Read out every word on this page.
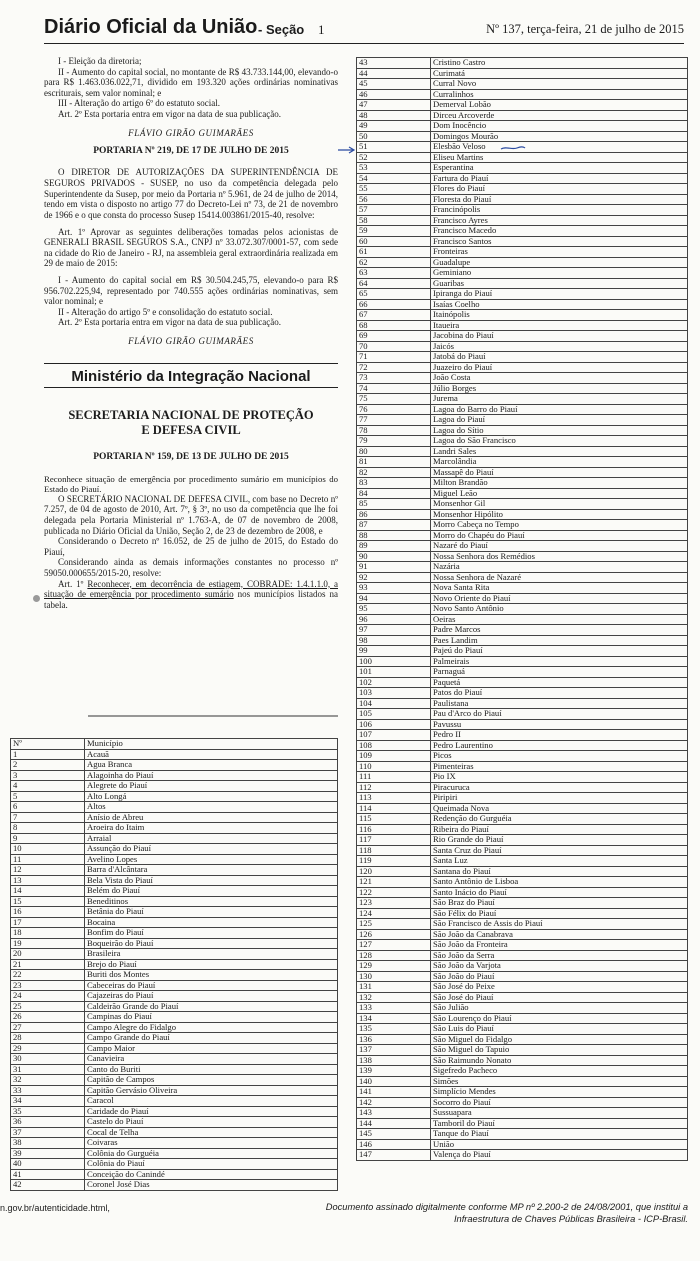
Diário Oficial da União - Seção 1	Nº 137, terça-feira, 21 de julho de 2015

I - Eleição da diretoria;

II - Aumento do capital social, no montante de R$ 43.733.144,00, elevando-o para R$ 1.463.036.022,71, dividido em 193.320 ações ordinárias nominativas escriturais, sem valor nominal; e

III - Alteração do artigo 6º do estatuto social.

Art. 2º Esta portaria entra em vigor na data de sua publicação.

FLÁVIO GIRÃO GUIMARÃES

PORTARIA Nº 219, DE 17 DE JULHO DE 2015

O DIRETOR DE AUTORIZAÇÕES DA SUPERINTENDÊNCIA DE SEGUROS PRIVADOS - SUSEP, no uso da competência delegada pelo Superintendente da Susep, por meio da Portaria nº 5.961, de 24 de julho de 2014, tendo em vista o disposto no artigo 77 do Decreto-Lei nº 73, de 21 de novembro de 1966 e o que consta do processo Susep 15414.003861/2015-40, resolve:

Art. 1º Aprovar as seguintes deliberações tomadas pelos acionistas de GENERALI BRASIL SEGUROS S.A., CNPJ nº 33.072.307/0001-57, com sede na cidade do Rio de Janeiro - RJ, na assembleia geral extraordinária realizada em 29 de maio de 2015:

I - Aumento do capital social em R$ 30.504.245,75, elevando-o para R$ 956.702.225,94, representado por 740.555 ações ordinárias nominativas, sem valor nominal; e

II - Alteração do artigo 5º e consolidação do estatuto social.

Art. 2º Esta portaria entra em vigor na data de sua publicação.

FLÁVIO GIRÃO GUIMARÃES

Ministério da Integração Nacional
SECRETARIA NACIONAL DE PROTEÇÃO
E DEFESA CIVIL

PORTARIA Nº 159, DE 13 DE JULHO DE 2015

Reconhece situação de emergência por procedimento sumário em municípios do Estado do Piauí.

O SECRETÁRIO NACIONAL DE DEFESA CIVIL, com base no Decreto nº 7.257, de 04 de agosto de 2010, Art. 7º, § 3º, no uso da competência que lhe foi delegada pela Portaria Ministerial nº 1.763-A, de 07 de novembro de 2008, publicada no Diário Oficial da União, Seção 2, de 23 de dezembro de 2008, e

Considerando o Decreto nº 16.052, de 25 de julho de 2015, do Estado do Piauí,

Considerando ainda as demais informações constantes no processo nº 59050.000655/2015-20, resolve:

Art. 1º Reconhecer, em decorrência de estiagem, COBRADE: 1.4.1.1.0, a situação de emergência por procedimento sumário nos municípios listados na tabela.

Nº	Município
1	Acauã
2	Agua Branca
3	Alagoinha do Piauí
4	Alegrete do Piauí
5	Alto Longá
6	Altos
7	Anísio de Abreu
8	Aroeira do Itaim
9	Arraial
10	Assunção do Piauí
11	Avelino Lopes
12	Barra d'Alcântara
13	Bela Vista do Piauí
14	Belém do Piauí
15	Beneditinos
16	Betânia do Piauí
17	Bocaina
18	Bonfim do Piauí
19	Boqueirão do Piauí
20	Brasileira
21	Brejo do Piauí
22	Buriti dos Montes
23	Cabeceiras do Piauí
24	Cajazeiras do Piauí
25	Caldeirão Grande do Piauí
26	Campinas do Piauí
27	Campo Alegre do Fidalgo
28	Campo Grande do Piauí
29	Campo Maior
30	Canavieira
31	Canto do Buriti
32	Capitão de Campos
33	Capitão Gervásio Oliveira
34	Caracol
35	Caridade do Piauí
36	Castelo do Piauí
37	Cocal de Telha
38	Coivaras
39	Colônia do Gurguéia
40	Colônia do Piauí
41	Conceição do Canindé
42	Coronel José Dias
43	Cristino Castro
44	Curimatá
45	Curral Novo
46	Curralinhos
47	Demerval Lobão
48	Dirceu Arcoverde
49	Dom Inocêncio
50	Domingos Mourão
51	Elesbão Veloso
52	Eliseu Martins
53	Esperantina
54	Fartura do Piauí
55	Flores do Piauí
56	Floresta do Piauí
57	Francinópolis
58	Francisco Ayres
59	Francisco Macedo
60	Francisco Santos
61	Fronteiras
62	Guadalupe
63	Geminiano
64	Guaribas
65	Ipiranga do Piauí
66	Isaías Coelho
67	Itainópolis
68	Itaueira
69	Jacobina do Piauí
70	Jaicós
71	Jatobá do Piauí
72	Juazeiro do Piauí
73	João Costa
74	Júlio Borges
75	Jurema
76	Lagoa do Barro do Piauí
77	Lagoa do Piauí
78	Lagoa do Sítio
79	Lagoa do São Francisco
80	Landri Sales
81	Marcolândia
82	Massapê do Piauí
83	Milton Brandão
84	Miguel Leão
85	Monsenhor Gil
86	Monsenhor Hipólito
87	Morro Cabeça no Tempo
88	Morro do Chapéu do Piauí
89	Nazaré do Piauí
90	Nossa Senhora dos Remédios
91	Nazária
92	Nossa Senhora de Nazaré
93	Nova Santa Rita
94	Novo Oriente do Piauí
95	Novo Santo Antônio
96	Oeiras
97	Padre Marcos
98	Paes Landim
99	Pajeú do Piauí
100	Palmeirais
101	Parnaguá
102	Paquetá
103	Patos do Piauí
104	Paulistana
105	Pau d'Arco do Piauí
106	Pavussu
107	Pedro II
108	Pedro Laurentino
109	Picos
110	Pimenteiras
111	Pio IX
112	Piracuruca
113	Piripiri
114	Queimada Nova
115	Redenção do Gurguéia
116	Ribeira do Piauí
117	Rio Grande do Piauí
118	Santa Cruz do Piauí
119	Santa Luz
120	Santana do Piauí
121	Santo Antônio de Lisboa
122	Santo Inácio do Piauí
123	São Braz do Piauí
124	São Félix do Piauí
125	São Francisco de Assis do Piauí
126	São João da Canabrava
127	São João da Fronteira
128	São João da Serra
129	São João da Varjota
130	São João do Piauí
131	São José do Peixe
132	São José do Piauí
133	São Julião
134	São Lourenço do Piauí
135	São Luis do Piauí
136	São Miguel do Fidalgo
137	São Miguel do Tapuio
138	São Raimundo Nonato
139	Sigefredo Pacheco
140	Simões
141	Simplício Mendes
142	Socorro do Piauí
143	Sussuapara
144	Tamboril do Piauí
145	Tanque do Piauí
146	União
147	Valença do Piauí
n.gov.br/autenticidade.html,	Documento assinado digitalmente conforme MP nº 2.200-2 de 24/08/2001, que institui a
Infraestrutura de Chaves Públicas Brasileira - ICP-Brasil.
